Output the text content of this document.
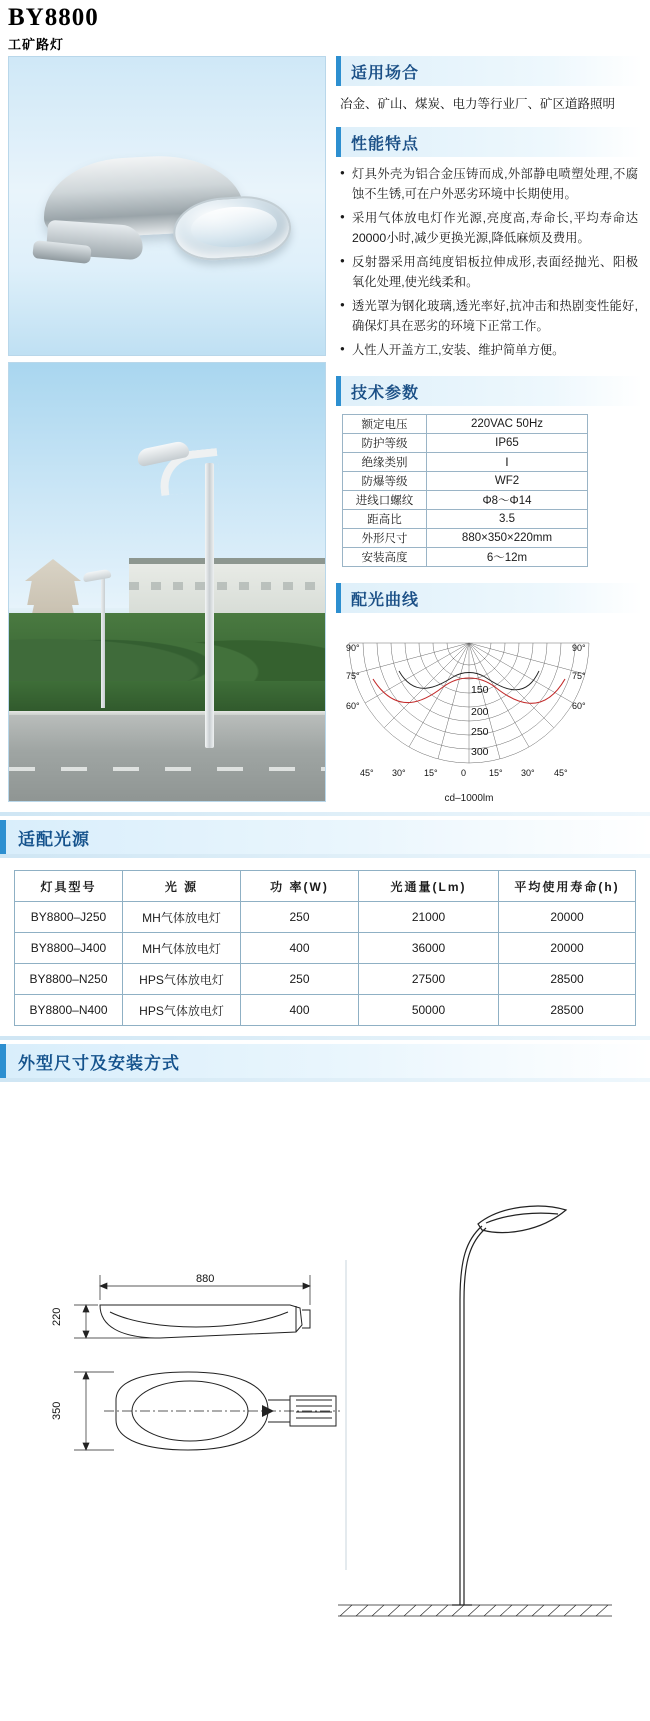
BY8800
工矿路灯
适用场合
冶金、矿山、煤炭、电力等行业厂、矿区道路照明
性能特点
● 灯具外壳为铝合金压铸而成,外部静电喷塑处理,不腐蚀不生锈,可在户外恶劣环境中长期使用。
● 采用气体放电灯作光源,亮度高,寿命长,平均寿命达20000小时,减少更换光源,降低麻烦及费用。
● 反射器采用高纯度铝板拉伸成形,表面经抛光、阳极氧化处理,使光线柔和。
● 透光罩为钢化玻璃,透光率好,抗冲击和热剧变性能好,确保灯具在恶劣的环境下正常工作。
● 人性人开盖方工,安装、维护简单方便。
技术参数
额定电压	220VAC 50Hz
防护等级	IP65
绝缘类别	Ⅰ
防爆等级	WF2
进线口螺纹	Φ8～Φ14
距高比	3.5
外形尺寸	880×350×220mm
安装高度	6～12m
配光曲线
150
200
250
300
90°
75°
60°
90°
75°
60°
45° 30° 15°	0	15° 30° 45°
cd–1000lm
适配光源
灯具型号	光 源	功 率(W)	光通量(Lm)	平均使用寿命(h)
BY8800–J250	MH气体放电灯	250	21000	20000
BY8800–J400	MH气体放电灯	400	36000	20000
BY8800–N250	HPS气体放电灯	250	27500	28500
BY8800–N400	HPS气体放电灯	400	50000	28500
外型尺寸及安装方式
880
220
350
